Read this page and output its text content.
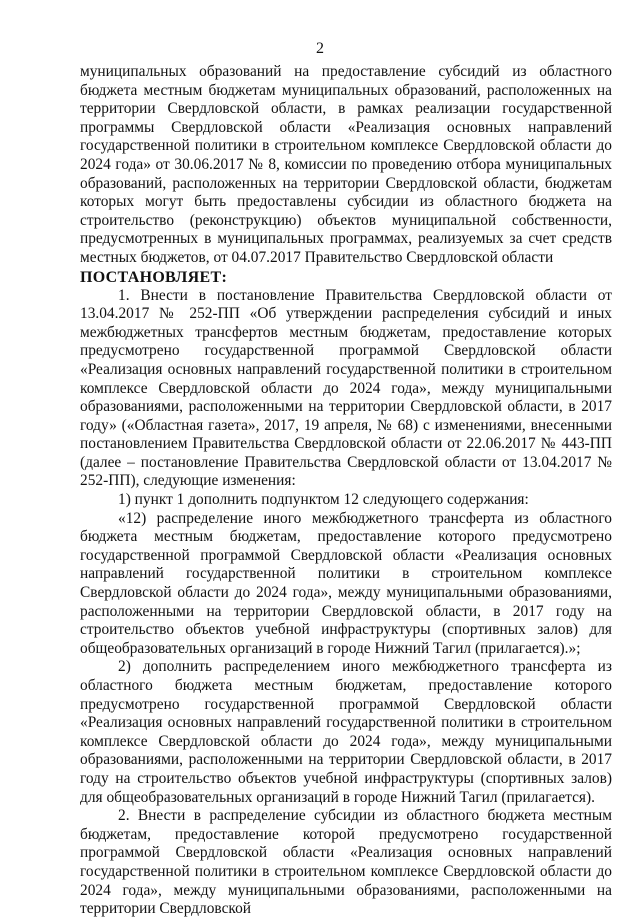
2

муниципальных образований на предоставление субсидий из областного бюджета местным бюджетам муниципальных образований, расположенных на территории Свердловской области, в рамках реализации государственной программы Свердловской области «Реализация основных направлений государственной политики в строительном комплексе Свердловской области до 2024 года» от 30.06.2017 № 8, комиссии по проведению отбора муниципальных образований, расположенных на территории Свердловской области, бюджетам которых могут быть предоставлены субсидии из областного бюджета на строительство (реконструкцию) объектов муниципальной собственности, предусмотренных в муниципальных программах, реализуемых за счет средств местных бюджетов, от 04.07.2017 Правительство Свердловской области

ПОСТАНОВЛЯЕТ:

1. Внести в постановление Правительства Свердловской области от 13.04.2017 № 252-ПП «Об утверждении распределения субсидий и иных межбюджетных трансфертов местным бюджетам, предоставление которых предусмотрено государственной программой Свердловской области «Реализация основных направлений государственной политики в строительном комплексе Свердловской области до 2024 года», между муниципальными образованиями, расположенными на территории Свердловской области, в 2017 году» («Областная газета», 2017, 19 апреля, № 68) с изменениями, внесенными постановлением Правительства Свердловской области от 22.06.2017 № 443-ПП (далее – постановление Правительства Свердловской области от 13.04.2017 № 252-ПП), следующие изменения:

1) пункт 1 дополнить подпунктом 12 следующего содержания:

«12) распределение иного межбюджетного трансферта из областного бюджета местным бюджетам, предоставление которого предусмотрено государственной программой Свердловской области «Реализация основных направлений государственной политики в строительном комплексе Свердловской области до 2024 года», между муниципальными образованиями, расположенными на территории Свердловской области, в 2017 году на строительство объектов учебной инфраструктуры (спортивных залов) для общеобразовательных организаций в городе Нижний Тагил (прилагается).»;

2) дополнить распределением иного межбюджетного трансферта из областного бюджета местным бюджетам, предоставление которого предусмотрено государственной программой Свердловской области «Реализация основных направлений государственной политики в строительном комплексе Свердловской области до 2024 года», между муниципальными образованиями, расположенными на территории Свердловской области, в 2017 году на строительство объектов учебной инфраструктуры (спортивных залов) для общеобразовательных организаций в городе Нижний Тагил (прилагается).

2. Внести в распределение субсидии из областного бюджета местным бюджетам, предоставление которой предусмотрено государственной программой Свердловской области «Реализация основных направлений государственной политики в строительном комплексе Свердловской области до 2024 года», между муниципальными образованиями, расположенными на территории Свердловской
